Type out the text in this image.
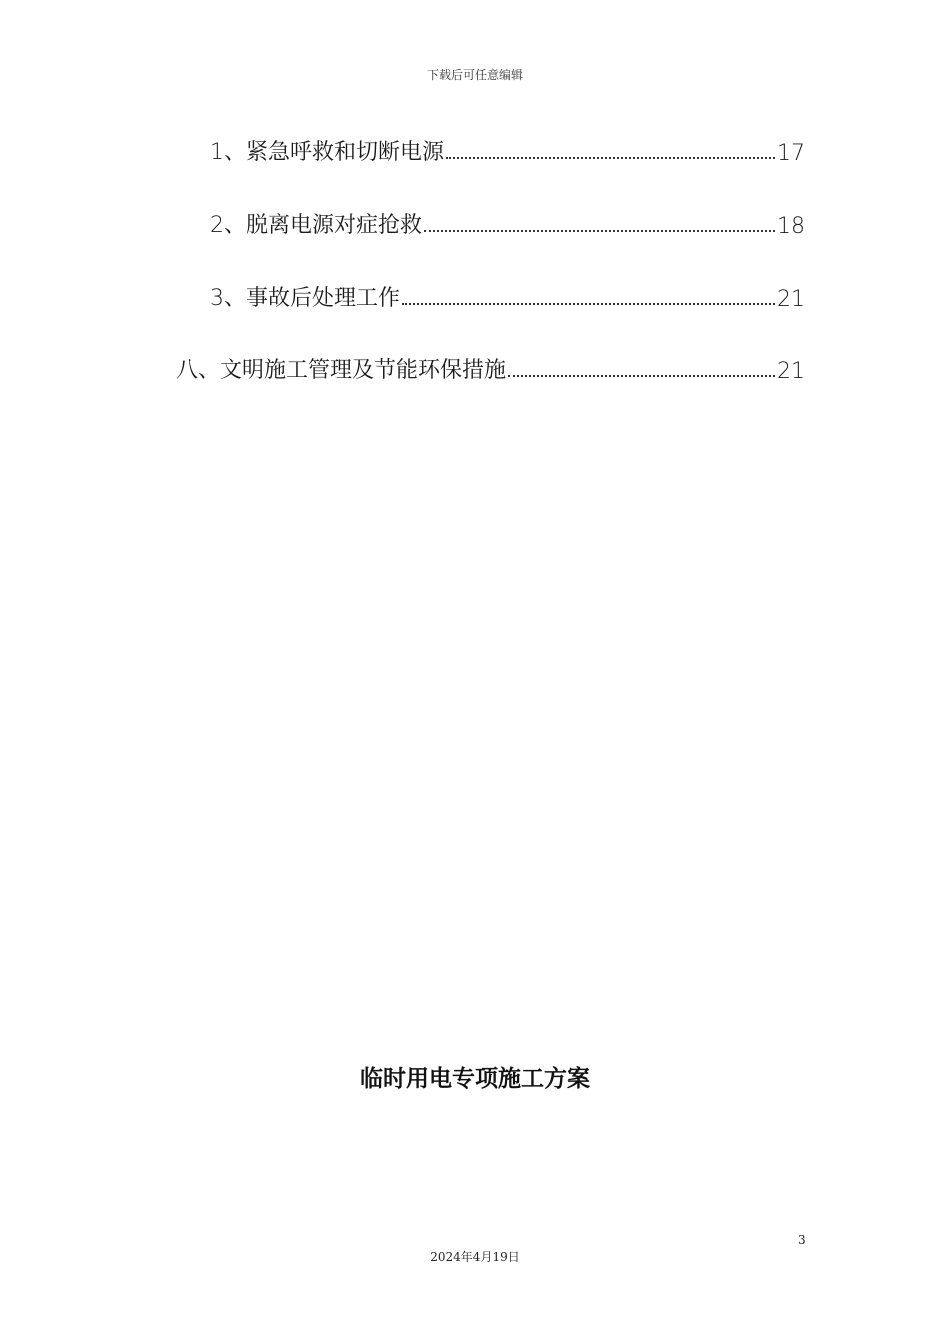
下载后可任意编辑
1、紧急呼救和切断电源	17
2、脱离电源对症抢救	18
3、事故后处理工作	21
八、文明施工管理及节能环保措施	21
临时用电专项施工方案
3
2024年4月19日
